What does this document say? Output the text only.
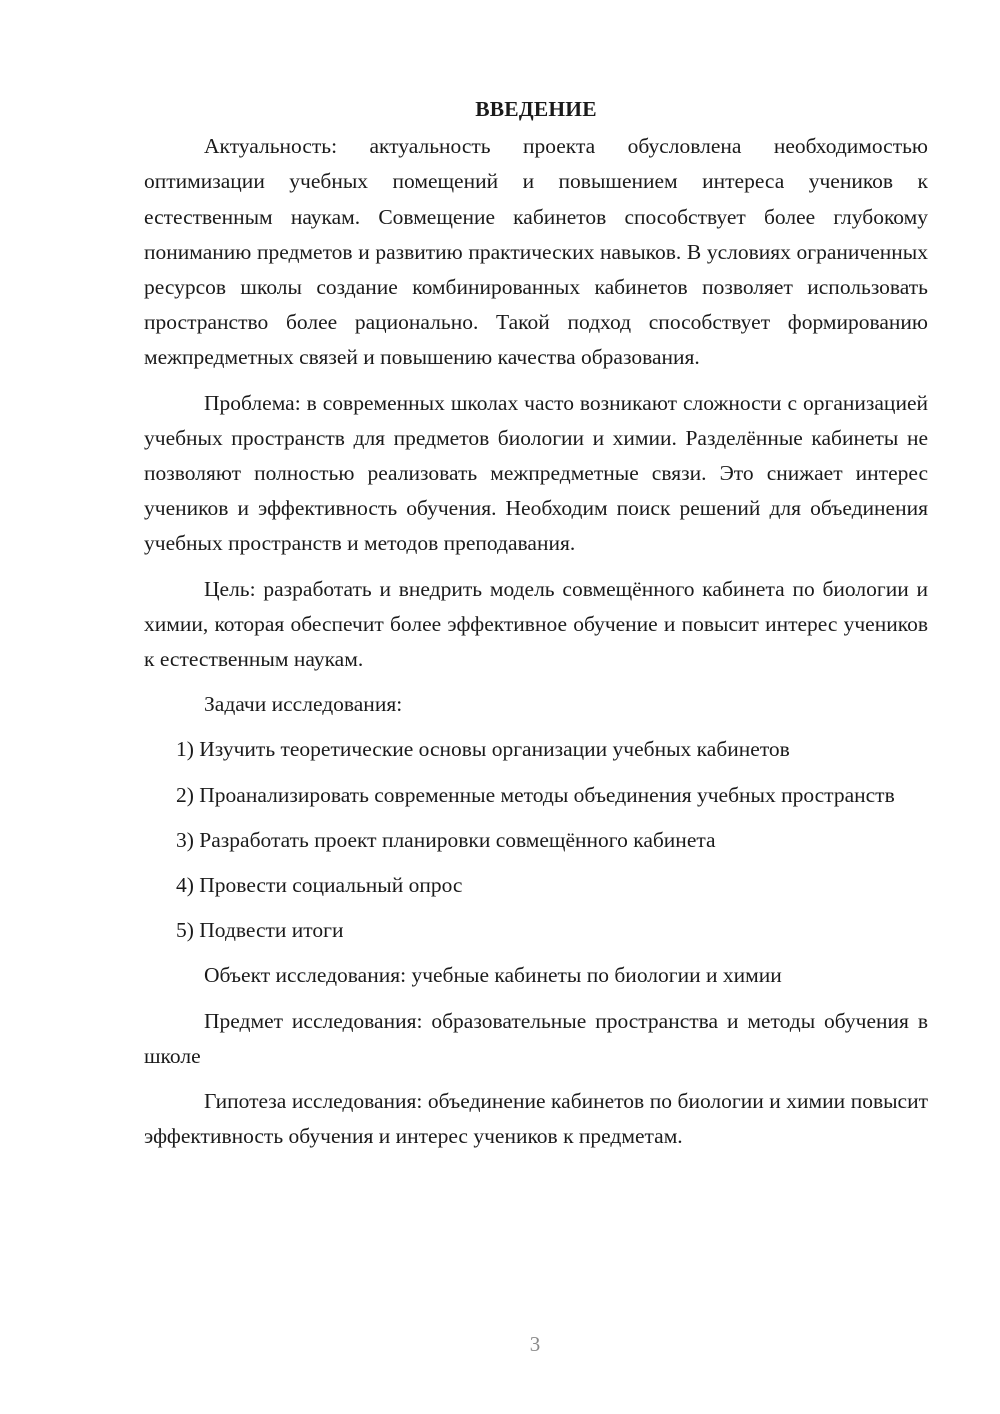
ВВЕДЕНИЕ

Актуальность: актуальность проекта обусловлена необходимостью оптимизации учебных помещений и повышением интереса учеников к естественным наукам. Совмещение кабинетов способствует более глубокому пониманию предметов и развитию практических навыков. В условиях ограниченных ресурсов школы создание комбинированных кабинетов позволяет использовать пространство более рационально. Такой подход способствует формированию межпредметных связей и повышению качества образования.

Проблема: в современных школах часто возникают сложности с организацией учебных пространств для предметов биологии и химии. Разделённые кабинеты не позволяют полностью реализовать межпредметные связи. Это снижает интерес учеников и эффективность обучения. Необходим поиск решений для объединения учебных пространств и методов преподавания.

Цель: разработать и внедрить модель совмещённого кабинета по биологии и химии, которая обеспечит более эффективное обучение и повысит интерес учеников к естественным наукам.

Задачи исследования:

1) Изучить теоретические основы организации учебных кабинетов

2) Проанализировать современные методы объединения учебных пространств

3) Разработать проект планировки совмещённого кабинета

4) Провести социальный опрос

5) Подвести итоги

Объект исследования: учебные кабинеты по биологии и химии

Предмет исследования: образовательные пространства и методы обучения в школе

Гипотеза исследования: объединение кабинетов по биологии и химии повысит эффективность обучения и интерес учеников к предметам.

3
